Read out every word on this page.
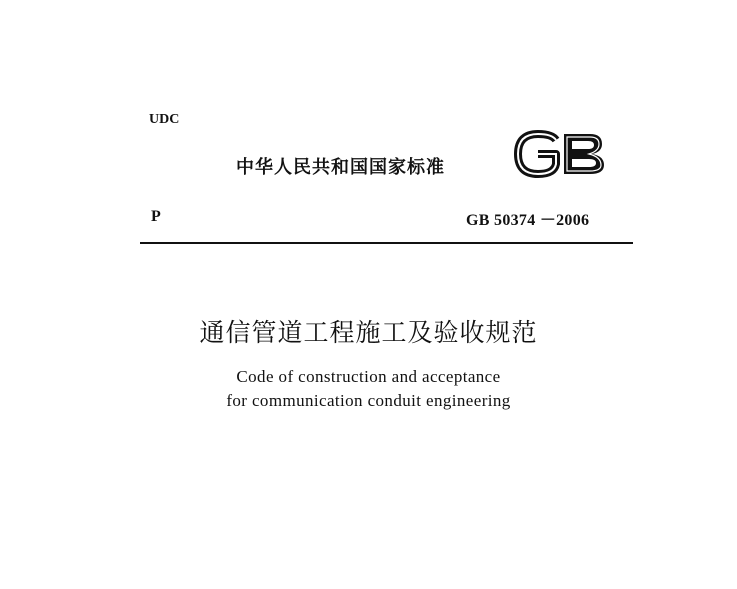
UDC
中华人民共和国国家标准
P	GB 50374 －2006
通信管道工程施工及验收规范
Code of construction and acceptance
for communication conduit engineering
